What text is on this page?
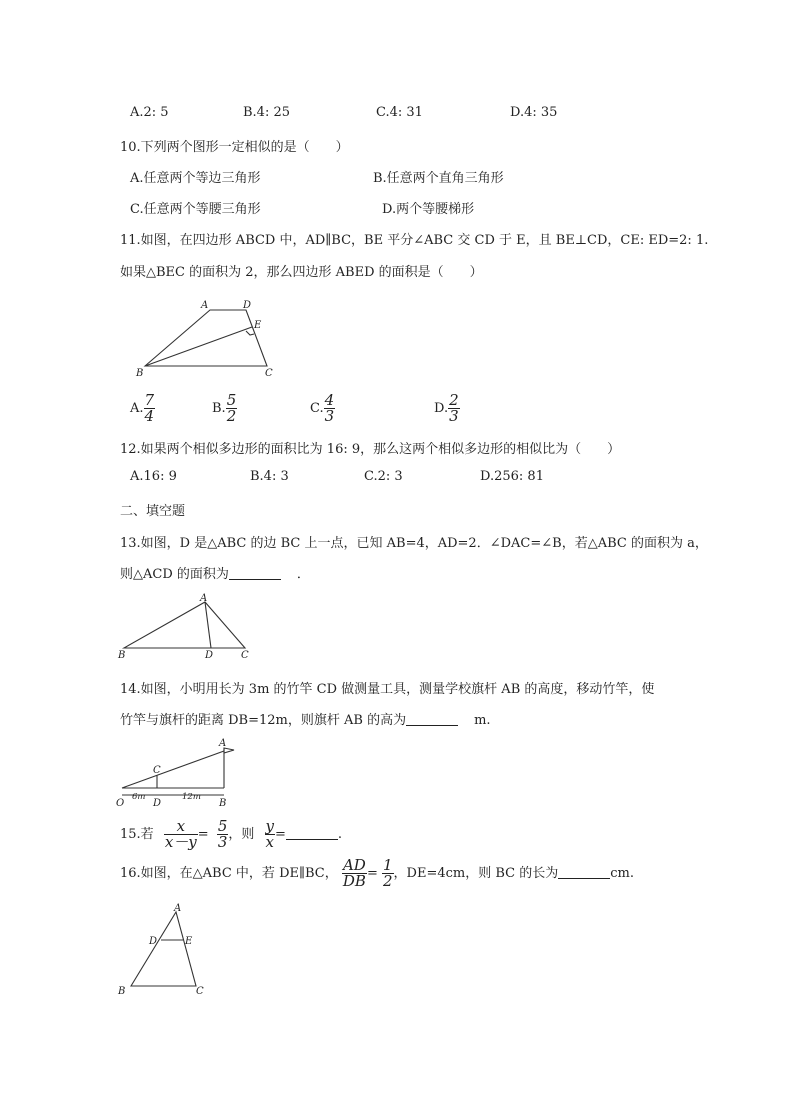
A.2: 5	B.4: 25	C.4: 31	D.4: 35
10.下列两个图形一定相似的是（　　）
A.任意两个等边三角形	B.任意两个直角三角形
C.任意两个等腰三角形	D.两个等腰梯形
11.如图，在四边形 ABCD 中，AD∥BC，BE 平分∠ABC 交 CD 于 E，且 BE⊥CD，CE: ED=2: 1.
如果△BEC 的面积为 2，那么四边形 ABED 的面积是（　　）
A	D
E
B	C
A. $\frac{7}{4}$	B. $\frac{5}{2}$	C. $\frac{4}{3}$	D. $\frac{2}{3}$
12.如果两个相似多边形的面积比为 16: 9，那么这两个相似多边形的相似比为（　　）
A.16: 9	B.4: 3	C.2: 3	D.256: 81
二、填空题
13.如图，D 是△ABC 的边 BC 上一点，已知 AB=4，AD=2．∠DAC=∠B，若△ABC 的面积为 a，
则△ACD 的面积为	．
A
B	D	C
14.如图，小明用长为 3m 的竹竿 CD 做测量工具，测量学校旗杆 AB 的高度，移动竹竿，使
竹竿与旗杆的距离 DB=12m，则旗杆 AB 的高为	m.
A
C
O	D	B
6m	12m
15.若 $\frac{x}{x-y} = \frac{5}{3}$ ，则 $\frac{y}{x}$ =	.
16.如图，在△ABC 中，若 DE∥BC， $\frac{AD}{DB} = \frac{1}{2}$ ，DE=4cm，则 BC 的长为	cm.
A
D	E
B	C
